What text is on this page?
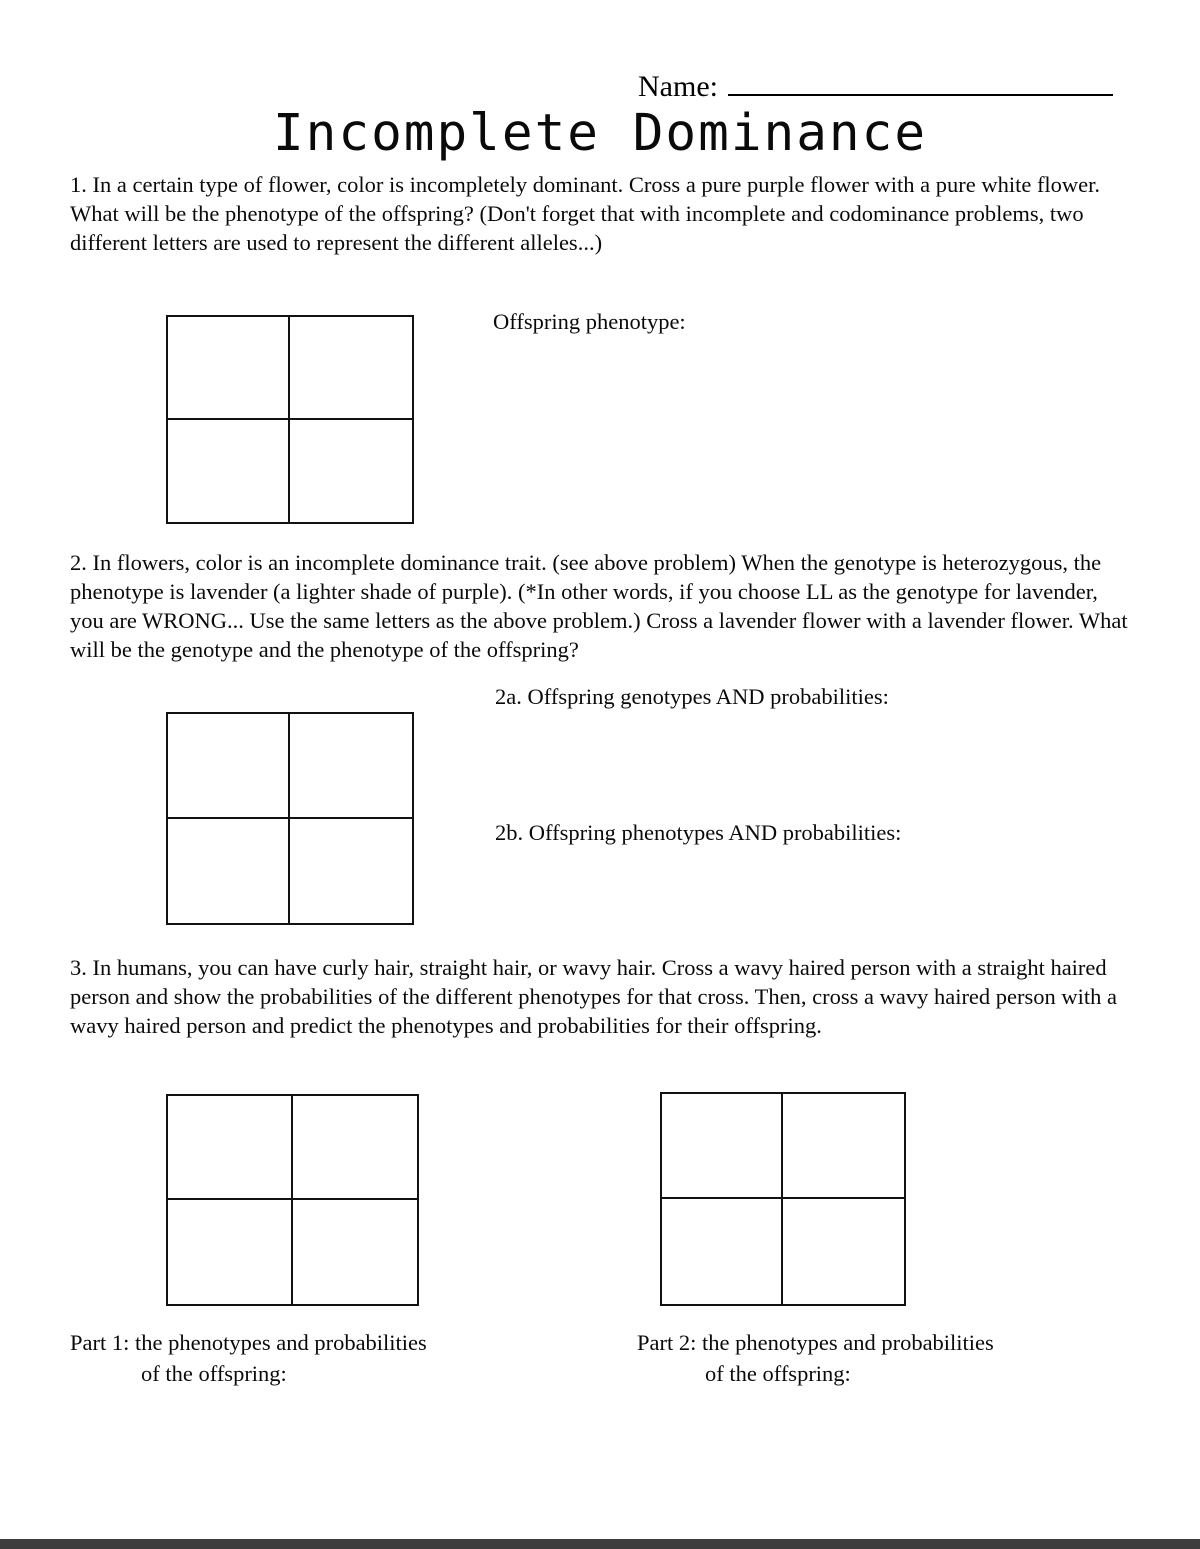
Name:
Incomplete Dominance
1. In a certain type of flower, color is incompletely dominant. Cross a pure purple flower with a pure white flower. What will be the phenotype of the offspring? (Don't forget that with incomplete and codominance problems, two different letters are used to represent the different alleles...)
Offspring phenotype:
2. In flowers, color is an incomplete dominance trait. (see above problem) When the genotype is heterozygous, the phenotype is lavender (a lighter shade of purple). (*In other words, if you choose LL as the genotype for lavender, you are WRONG... Use the same letters as the above problem.) Cross a lavender flower with a lavender flower. What will be the genotype and the phenotype of the offspring?
2a. Offspring genotypes AND probabilities:
2b. Offspring phenotypes AND probabilities:
3. In humans, you can have curly hair, straight hair, or wavy hair. Cross a wavy haired person with a straight haired person and show the probabilities of the different phenotypes for that cross. Then, cross a wavy haired person with a wavy haired person and predict the phenotypes and probabilities for their offspring.
Part 1: the phenotypes and probabilities
of the offspring:
Part 2: the phenotypes and probabilities
of the offspring:
